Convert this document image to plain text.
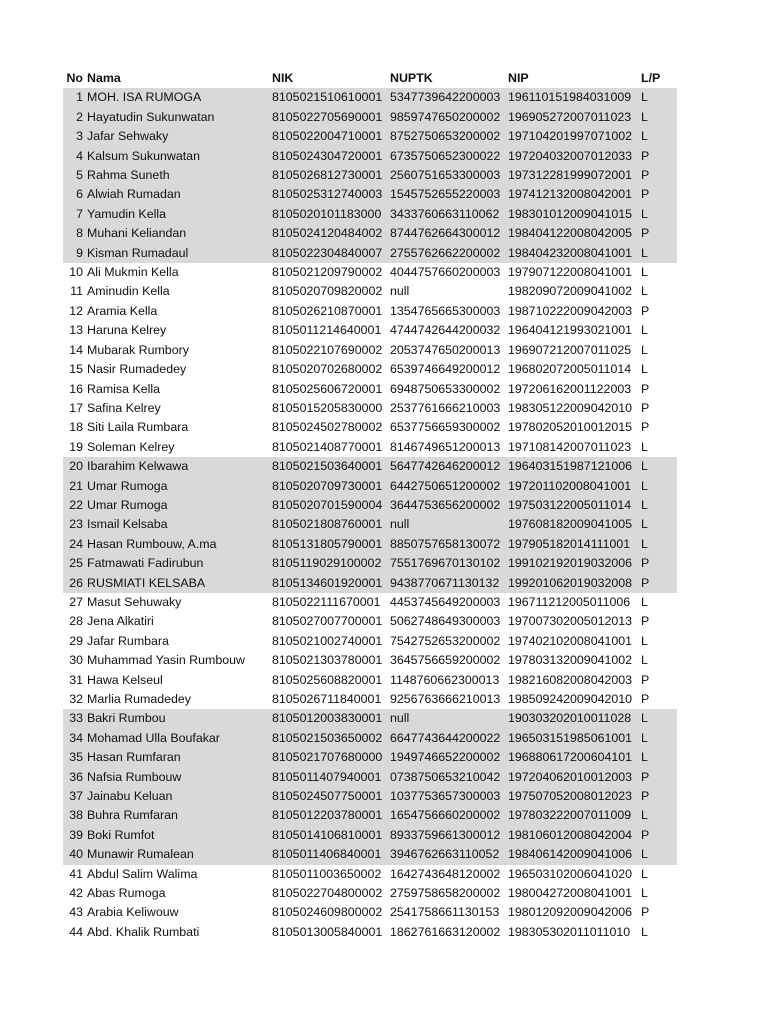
No	Nama	NIK	NUPTK	NIP	L/P
1	MOH. ISA RUMOGA	8105021510610001	5347739642200003	196110151984031009	L
2	Hayatudin Sukunwatan	8105022705690001	9859747650200002	196905272007011023	L
3	Jafar Sehwaky	8105022004710001	8752750653200002	197104201997071002	L
4	Kalsum Sukunwatan	8105024304720001	6735750652300022	197204032007012033	P
5	Rahma Suneth	8105026812730001	2560751653300003	197312281999072001	P
6	Alwiah Rumadan	8105025312740003	1545752655220003	197412132008042001	P
7	Yamudin Kella	8105020101183000	3433760663110062	198301012009041015	L
8	Muhani Keliandan	8105024120484002	8744762664300012	198404122008042005	P
9	Kisman Rumadaul	8105022304840007	2755762662200002	198404232008041001	L
10	Ali Mukmin Kella	8105021209790002	4044757660200003	197907122008041001	L
11	Aminudin Kella	8105020709820002	null	198209072009041002	L
12	Aramia Kella	8105026210870001	1354765665300003	198710222009042003	P
13	Haruna Kelrey	8105011214640001	4744742644200032	196404121993021001	L
14	Mubarak Rumbory	8105022107690002	2053747650200013	196907212007011025	L
15	Nasir Rumadedey	8105020702680002	6539746649200012	196802072005011014	L
16	Ramisa Kella	8105025606720001	6948750653300002	197206162001122003	P
17	Safina Kelrey	8105015205830000	2537761666210003	198305122009042010	P
18	Siti Laila Rumbara	8105024502780002	6537756659300002	197802052010012015	P
19	Soleman Kelrey	8105021408770001	8146749651200013	197108142007011023	L
20	Ibarahim Kelwawa	8105021503640001	5647742646200012	196403151987121006	L
21	Umar Rumoga	8105020709730001	6442750651200002	197201102008041001	L
22	Umar Rumoga	8105020701590004	3644753656200002	197503122005011014	L
23	Ismail Kelsaba	8105021808760001	null	197608182009041005	L
24	Hasan Rumbouw, A.ma	8105131805790001	8850757658130072	197905182014111001	L
25	Fatmawati Fadirubun	8105119029100002	7551769670130102	199102192019032006	P
26	RUSMIATI KELSABA	8105134601920001	9438770671130132	199201062019032008	P
27	Masut Sehuwaky	8105022111670001	4453745649200003	196711212005011006	L
28	Jena Alkatiri	8105027007700001	5062748649300003	197007302005012013	P
29	Jafar Rumbara	8105021002740001	7542752653200002	197402102008041001	L
30	Muhammad Yasin Rumbouw	8105021303780001	3645756659200002	197803132009041002	L
31	Hawa Kelseul	8105025608820001	1148760662300013	198216082008042003	P
32	Marlia Rumadedey	8105026711840001	9256763666210013	198509242009042010	P
33	Bakri Rumbou	8105012003830001	null	190303202010011028	L
34	Mohamad Ulla Boufakar	8105021503650002	6647743644200022	196503151985061001	L
35	Hasan Rumfaran	8105021707680000	1949746652200002	196880617200604101	L
36	Nafsia Rumbouw	8105011407940001	0738750653210042	197204062010012003	P
37	Jainabu Keluan	8105024507750001	1037753657300003	197507052008012023	P
38	Buhra Rumfaran	8105012203780001	1654756660200002	197803222007011009	L
39	Boki Rumfot	8105014106810001	8933759661300012	198106012008042004	P
40	Munawir Rumalean	8105011406840001	3946762663110052	198406142009041006	L
41	Abdul Salim Walima	8105011003650002	1642743648120002	196503102006041020	L
42	Abas Rumoga	8105022704800002	2759758658200002	198004272008041001	L
43	Arabia Keliwouw	8105024609800002	2541758661130153	198012092009042006	P
44	Abd. Khalik Rumbati	8105013005840001	1862761663120002	198305302011011010	L
